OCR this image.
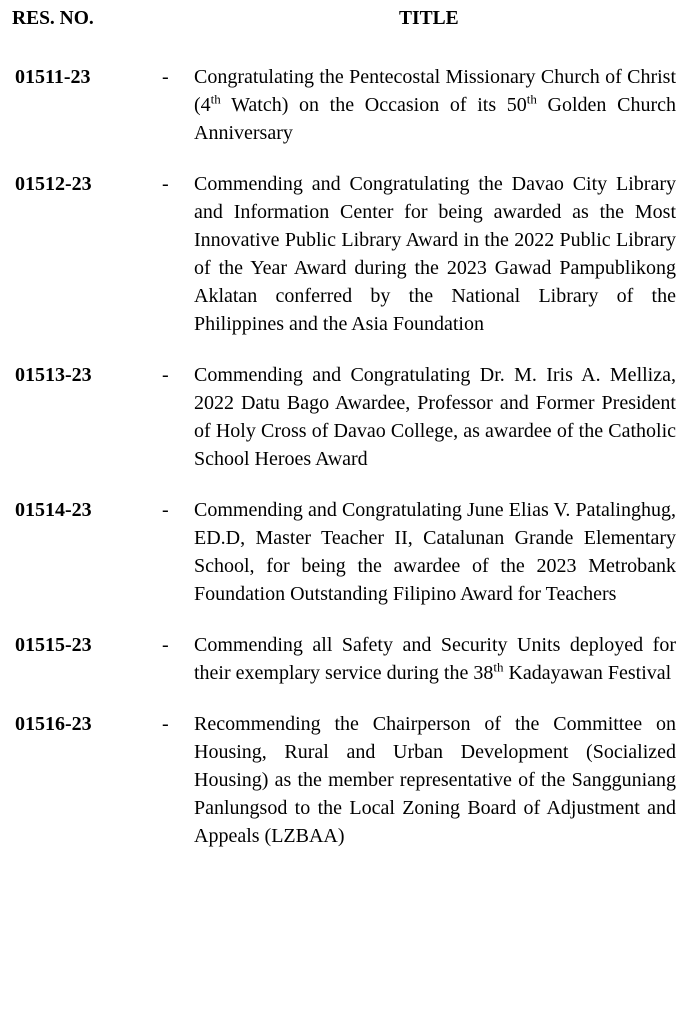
RES. NO.	TITLE
01511-23	- Congratulating the Pentecostal Missionary Church of Christ (4th Watch) on the Occasion of its 50th Golden Church Anniversary
01512-23	- Commending and Congratulating the Davao City Library and Information Center for being awarded as the Most Innovative Public Library Award in the 2022 Public Library of the Year Award during the 2023 Gawad Pampublikong Aklatan conferred by the National Library of the Philippines and the Asia Foundation
01513-23	- Commending and Congratulating Dr. M. Iris A. Melliza, 2022 Datu Bago Awardee, Professor and Former President of Holy Cross of Davao College, as awardee of the Catholic School Heroes Award
01514-23	- Commending and Congratulating June Elias V. Patalinghug, ED.D, Master Teacher II, Catalunan Grande Elementary School, for being the awardee of the 2023 Metrobank Foundation Outstanding Filipino Award for Teachers
01515-23	- Commending all Safety and Security Units deployed for their exemplary service during the 38th Kadayawan Festival
01516-23	- Recommending the Chairperson of the Committee on Housing, Rural and Urban Development (Socialized Housing) as the member representative of the Sangguniang Panlungsod to the Local Zoning Board of Adjustment and Appeals (LZBAA)
